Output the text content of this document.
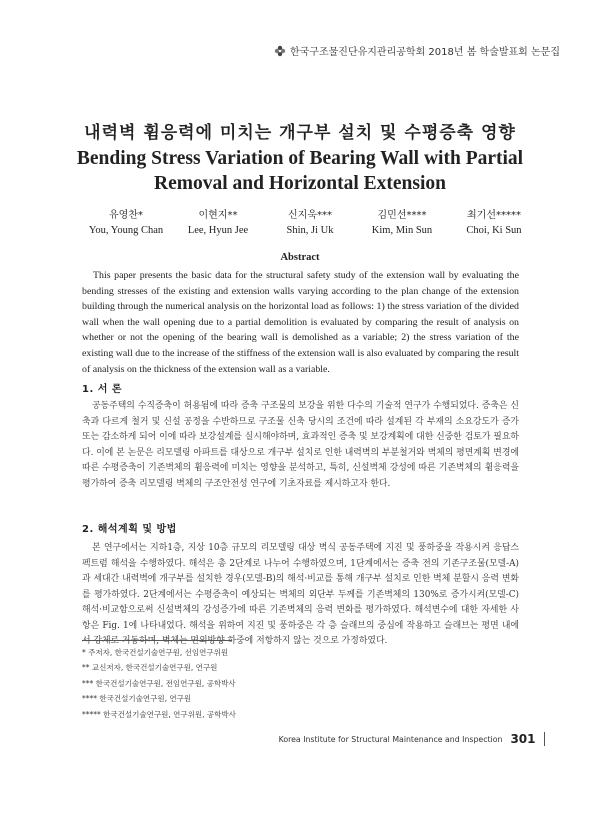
한국구조물진단유지관리공학회 2018년 봄 학술발표회 논문집
내력벽 휨응력에 미치는 개구부 설치 및 수평증축 영향
Bending Stress Variation of Bearing Wall with Partial
Removal and Horizontal Extension
유영찬*
You, Young Chan
이현지**
Lee, Hyun Jee
신지욱***
Shin, Ji Uk
김민선****
Kim, Min Sun
최기선*****
Choi, Ki Sun
Abstract
This paper presents the basic data for the structural safety study of the extension wall by evaluating the bending stresses of the existing and extension walls varying according to the plan change of the extension building through the numerical analysis on the horizontal load as follows: 1) the stress variation of the divided wall when the wall opening due to a partial demolition is evaluated by comparing the result of analysis on whether or not the opening of the bearing wall is demolished as a variable; 2) the stress variation of the existing wall due to the increase of the stiffness of the extension wall is also evaluated by comparing the result of analysis on the thickness of the extension wall as a variable.
1. 서 론
공동주택의 수직증축이 허용됨에 따라 증축 구조물의 보강을 위한 다수의 기술적 연구가 수행되었다. 증축은 신축과 다르게 철거 및 신설 공정을 수반하므로 구조물 신축 당시의 조건에 따라 설계된 각 부재의 소요강도가 증가 또는 감소하게 되어 이에 따라 보강설계를 실시해야하며, 효과적인 증축 및 보강계획에 대한 신중한 검토가 필요하다. 이에 본 논문은 리모델링 아파트를 대상으로 개구부 설치로 인한 내력벽의 부분철거와 벽체의 평면계획 변경에 따른 수평증축이 기존벽체의 휨응력에 미치는 영향을 분석하고, 특히, 신설벽체 강성에 따른 기존벽체의 휨응력을 평가하여 증축 리모델링 벽체의 구조안전성 연구에 기초자료를 제시하고자 한다.
2. 해석계획 및 방법
본 연구에서는 지하1층, 지상 10층 규모의 리모델링 대상 벽식 공동주택에 지진 및 풍하중을 작용시켜 응답스펙트럼 해석을 수행하였다. 해석은 총 2단계로 나누어 수행하였으며, 1단계에서는 증축 전의 기존구조물(모델-A)과 세대간 내력벽에 개구부를 설치한 경우(모델-B)의 해석·비교를 통해 개구부 설치로 인한 벽체 분할시 응력 변화를 평가하였다. 2단계에서는 수평증축이 예상되는 벽체의 외단부 두께를 기존벽체의 130%로 증가시켜(모델-C) 해석·비교함으로써 신설벽체의 강성증가에 따른 기존벽체의 응력 변화를 평가하였다. 해석변수에 대한 자세한 사항은 Fig. 1에 나타내었다. 해석을 위하여 지진 및 풍하중은 각 층 슬래브의 중심에 작용하고 슬래브는 평면 내에서 강체로 거동하며, 벽체는 면외방향 하중에 저항하지 않는 것으로 가정하였다.
* 주저자, 한국건설기술연구원, 선임연구위원
** 교신저자, 한국건설기술연구원, 연구원
*** 한국건설기술연구원, 전임연구원, 공학박사
**** 한국건설기술연구원, 연구원
***** 한국건설기술연구원, 연구위원, 공학박사
Korea Institute for Structural Maintenance and Inspection 301
